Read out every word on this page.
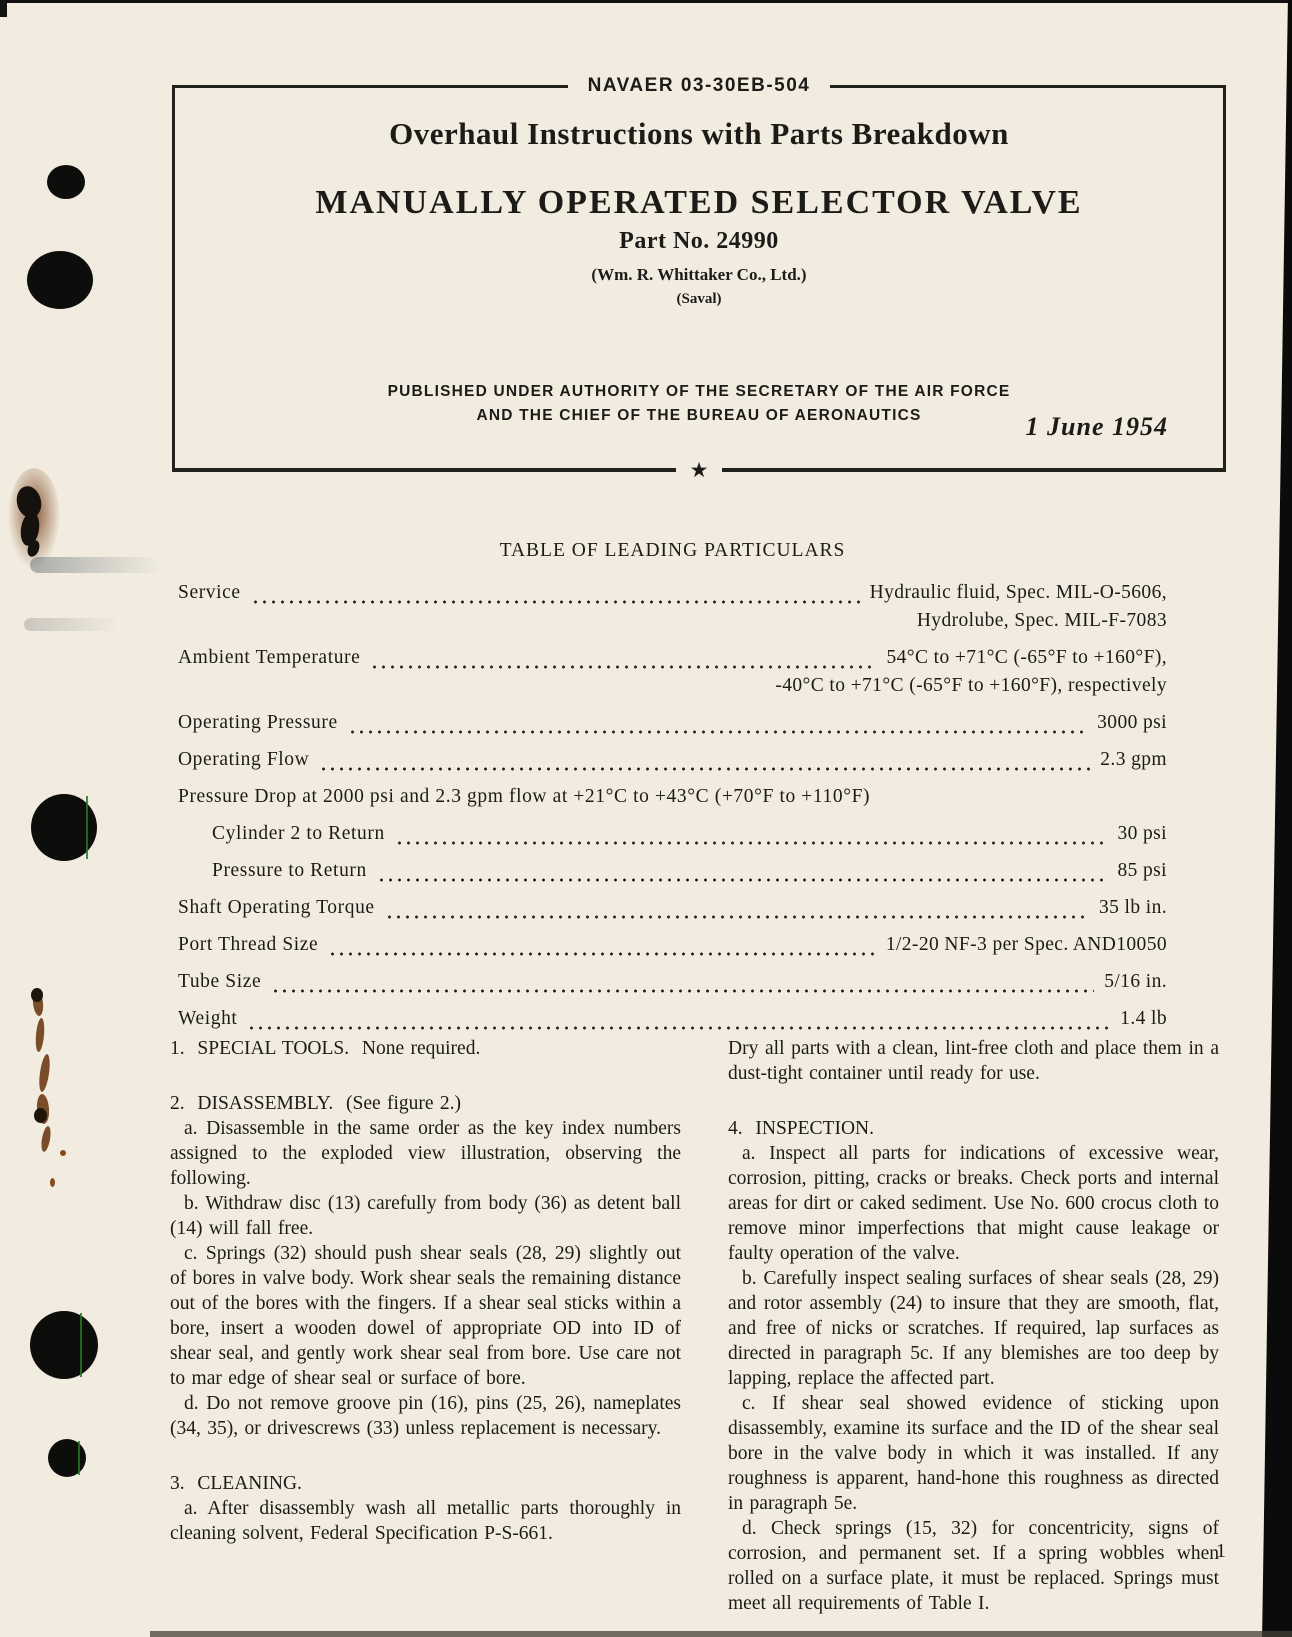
NAVAER 03-30EB-504
Overhaul Instructions with Parts Breakdown
MANUALLY OPERATED SELECTOR VALVE
Part No. 24990
(Wm. R. Whittaker Co., Ltd.)
(Saval)
PUBLISHED UNDER AUTHORITY OF THE SECRETARY OF THE AIR FORCE
AND THE CHIEF OF THE BUREAU OF AERONAUTICS	1 June 1954
★
TABLE OF LEADING PARTICULARS
Service	Hydraulic fluid, Spec. MIL-O-5606,
Hydrolube, Spec. MIL-F-7083
Ambient Temperature	54°C to +71°C (-65°F to +160°F),
-40°C to +71°C (-65°F to +160°F), respectively
Operating Pressure	3000 psi
Operating Flow	2.3 gpm
Pressure Drop at 2000 psi and 2.3 gpm flow at +21°C to +43°C (+70°F to +110°F)
Cylinder 2 to Return	30 psi
Pressure to Return	85 psi
Shaft Operating Torque	35 lb in.
Port Thread Size	1/2-20 NF-3 per Spec. AND10050
Tube Size	5/16 in.
Weight	1.4 lb
1.  SPECIAL TOOLS.  None required.
2.  DISASSEMBLY.  (See figure 2.)

a. Disassemble in the same order as the key index numbers assigned to the exploded view illustration, observing the following.

b. Withdraw disc (13) carefully from body (36) as detent ball (14) will fall free.

c. Springs (32) should push shear seals (28, 29) slightly out of bores in valve body. Work shear seals the remaining distance out of the bores with the fingers. If a shear seal sticks within a bore, insert a wooden dowel of appropriate OD into ID of shear seal, and gently work shear seal from bore. Use care not to mar edge of shear seal or surface of bore.

d. Do not remove groove pin (16), pins (25, 26), nameplates (34, 35), or drivescrews (33) unless replacement is necessary.

3.  CLEANING.

a. After disassembly wash all metallic parts thoroughly in cleaning solvent, Federal Specification P-S-661.

Dry all parts with a clean, lint-free cloth and place them in a dust-tight container until ready for use.

4.  INSPECTION.

a. Inspect all parts for indications of excessive wear, corrosion, pitting, cracks or breaks. Check ports and internal areas for dirt or caked sediment. Use No. 600 crocus cloth to remove minor imperfections that might cause leakage or faulty operation of the valve.

b. Carefully inspect sealing surfaces of shear seals (28, 29) and rotor assembly (24) to insure that they are smooth, flat, and free of nicks or scratches. If required, lap surfaces as directed in paragraph 5c. If any blemishes are too deep by lapping, replace the affected part.

c. If shear seal showed evidence of sticking upon disassembly, examine its surface and the ID of the shear seal bore in the valve body in which it was installed. If any roughness is apparent, hand-hone this roughness as directed in paragraph 5e.

d. Check springs (15, 32) for concentricity, signs of corrosion, and permanent set. If a spring wobbles when rolled on a surface plate, it must be replaced. Springs must meet all requirements of Table I.

1
